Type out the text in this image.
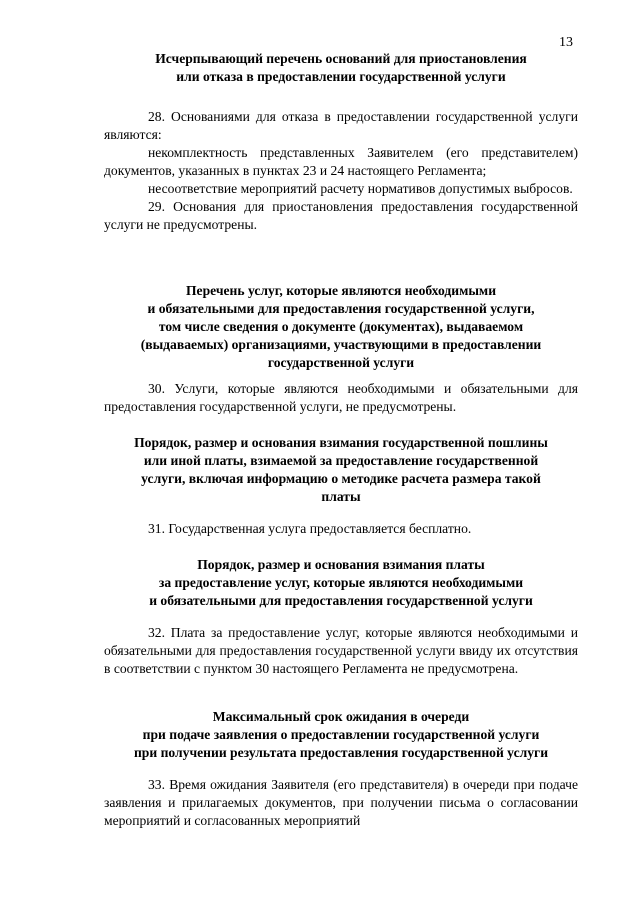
13
Исчерпывающий перечень оснований для приостановления
или отказа в предоставлении государственной услуги
28. Основаниями для отказа в предоставлении государственной услуги являются:
некомплектность представленных Заявителем (его представителем) документов, указанных в пунктах 23 и 24 настоящего Регламента;
несоответствие мероприятий расчету нормативов допустимых выбросов.
29. Основания для приостановления предоставления государственной услуги не предусмотрены.
Перечень услуг, которые являются необходимыми
и обязательными для предоставления государственной услуги,
том числе сведения о документе (документах), выдаваемом
(выдаваемых) организациями, участвующими в предоставлении
государственной услуги
30. Услуги, которые являются необходимыми и обязательными для предоставления государственной услуги, не предусмотрены.
Порядок, размер и основания взимания государственной пошлины
или иной платы, взимаемой за предоставление государственной
услуги, включая информацию о методике расчета размера такой
платы
31. Государственная услуга предоставляется бесплатно.
Порядок, размер и основания взимания платы
за предоставление услуг, которые являются необходимыми
и обязательными для предоставления государственной услуги
32. Плата за предоставление услуг, которые являются необходимыми и обязательными для предоставления государственной услуги ввиду их отсутствия в соответствии с пунктом 30 настоящего Регламента не предусмотрена.
Максимальный срок ожидания в очереди
при подаче заявления о предоставлении государственной услуги
при получении результата предоставления государственной услуги
33. Время ожидания Заявителя (его представителя) в очереди при подаче заявления и прилагаемых документов, при получении письма о согласовании мероприятий и согласованных мероприятий
